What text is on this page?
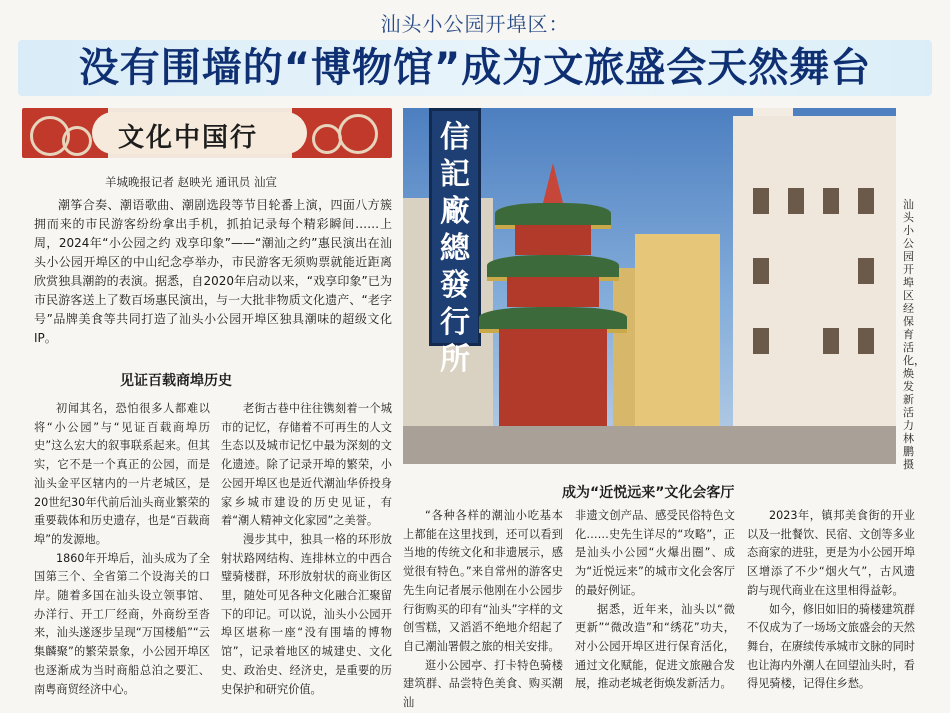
汕头小公园开埠区：
没有围墙的“博物馆”成为文旅盛会天然舞台
文化中国行
羊城晚报记者 赵映光 通讯员 汕宣

潮筝合奏、潮语歌曲、潮剧选段等节目轮番上演，四面八方簇拥而来的市民游客纷纷拿出手机，抓拍记录每个精彩瞬间……上周，2024年“小公园之约 戏享印象”——“潮汕之约”惠民演出在汕头小公园开埠区的中山纪念亭举办，市民游客无须购票就能近距离欣赏独具潮韵的表演。据悉，自2020年启动以来，“戏享印象”已为市民游客送上了数百场惠民演出，与一大批非物质文化遗产、“老字号”品牌美食等共同打造了汕头小公园开埠区独具潮味的超级文化IP。

见证百载商埠历史

初闻其名，恐怕很多人都难以将“小公园”与“见证百载商埠历史”这么宏大的叙事联系起来。但其实，它不是一个真正的公园，而是汕头金平区辖内的一片老城区，是20世纪30年代前后汕头商业繁荣的重要载体和历史遗存，也是“百载商埠”的发源地。

1860年开埠后，汕头成为了全国第三个、全省第二个设海关的口岸。随着多国在汕头设立领事馆、办洋行、开工厂经商，外商纷至沓来，汕头遂逐步呈现“万国楼船”“云集麟聚”的繁荣景象，小公园开埠区也逐渐成为当时商船总泊之要汇、南粤商贸经济中心。

老街古巷中往往镌刻着一个城市的记忆，存储着不可再生的人文生态以及城市记忆中最为深刻的文化遗迹。除了记录开埠的繁荣，小公园开埠区也是近代潮汕华侨投身家乡城市建设的历史见证，有着“潮人精神文化家园”之美誉。

漫步其中，独具一格的环形放射状路网结构、连排林立的中西合璧骑楼群，环形放射状的商业街区里，随处可见各种文化融合汇聚留下的印记。可以说，汕头小公园开埠区堪称一座“没有围墙的博物馆”，记录着地区的城建史、文化史、政治史、经济史，是重要的历史保护和研究价值。

信記廠總發行所
汕头小公园开埠区经保育活化，焕发新活力 林鹏 摄
成为“近悦远来”文化会客厅

“各种各样的潮汕小吃基本上都能在这里找到，还可以看到当地的传统文化和非遗展示，感觉很有特色。”来自常州的游客史先生向记者展示他刚在小公园步行街购买的印有“汕头”字样的文创雪糕，又滔滔不绝地介绍起了自己潮汕署假之旅的相关安排。

逛小公园亭、打卡特色骑楼建筑群、品尝特色美食、购买潮汕

非遗文创产品、感受民俗特色文化……史先生详尽的“攻略”，正是汕头小公园“火爆出圈”、成为“近悦远来”的城市文化会客厅的最好例证。

据悉，近年来，汕头以“微更新”“微改造”和“绣花”功夫，对小公园开埠区进行保育活化，通过文化赋能，促进文旅融合发展，推动老城老街焕发新活力。

2023年，镇邦美食街的开业以及一批餐饮、民宿、文创等多业态商家的进驻，更是为小公园开埠区增添了不少“烟火气”，古风遗韵与现代商业在这里相得益彰。

如今，修旧如旧的骑楼建筑群不仅成为了一场场文旅盛会的天然舞台，在赓续传承城市文脉的同时也让海内外潮人在回望汕头时，看得见骑楼，记得住乡愁。
